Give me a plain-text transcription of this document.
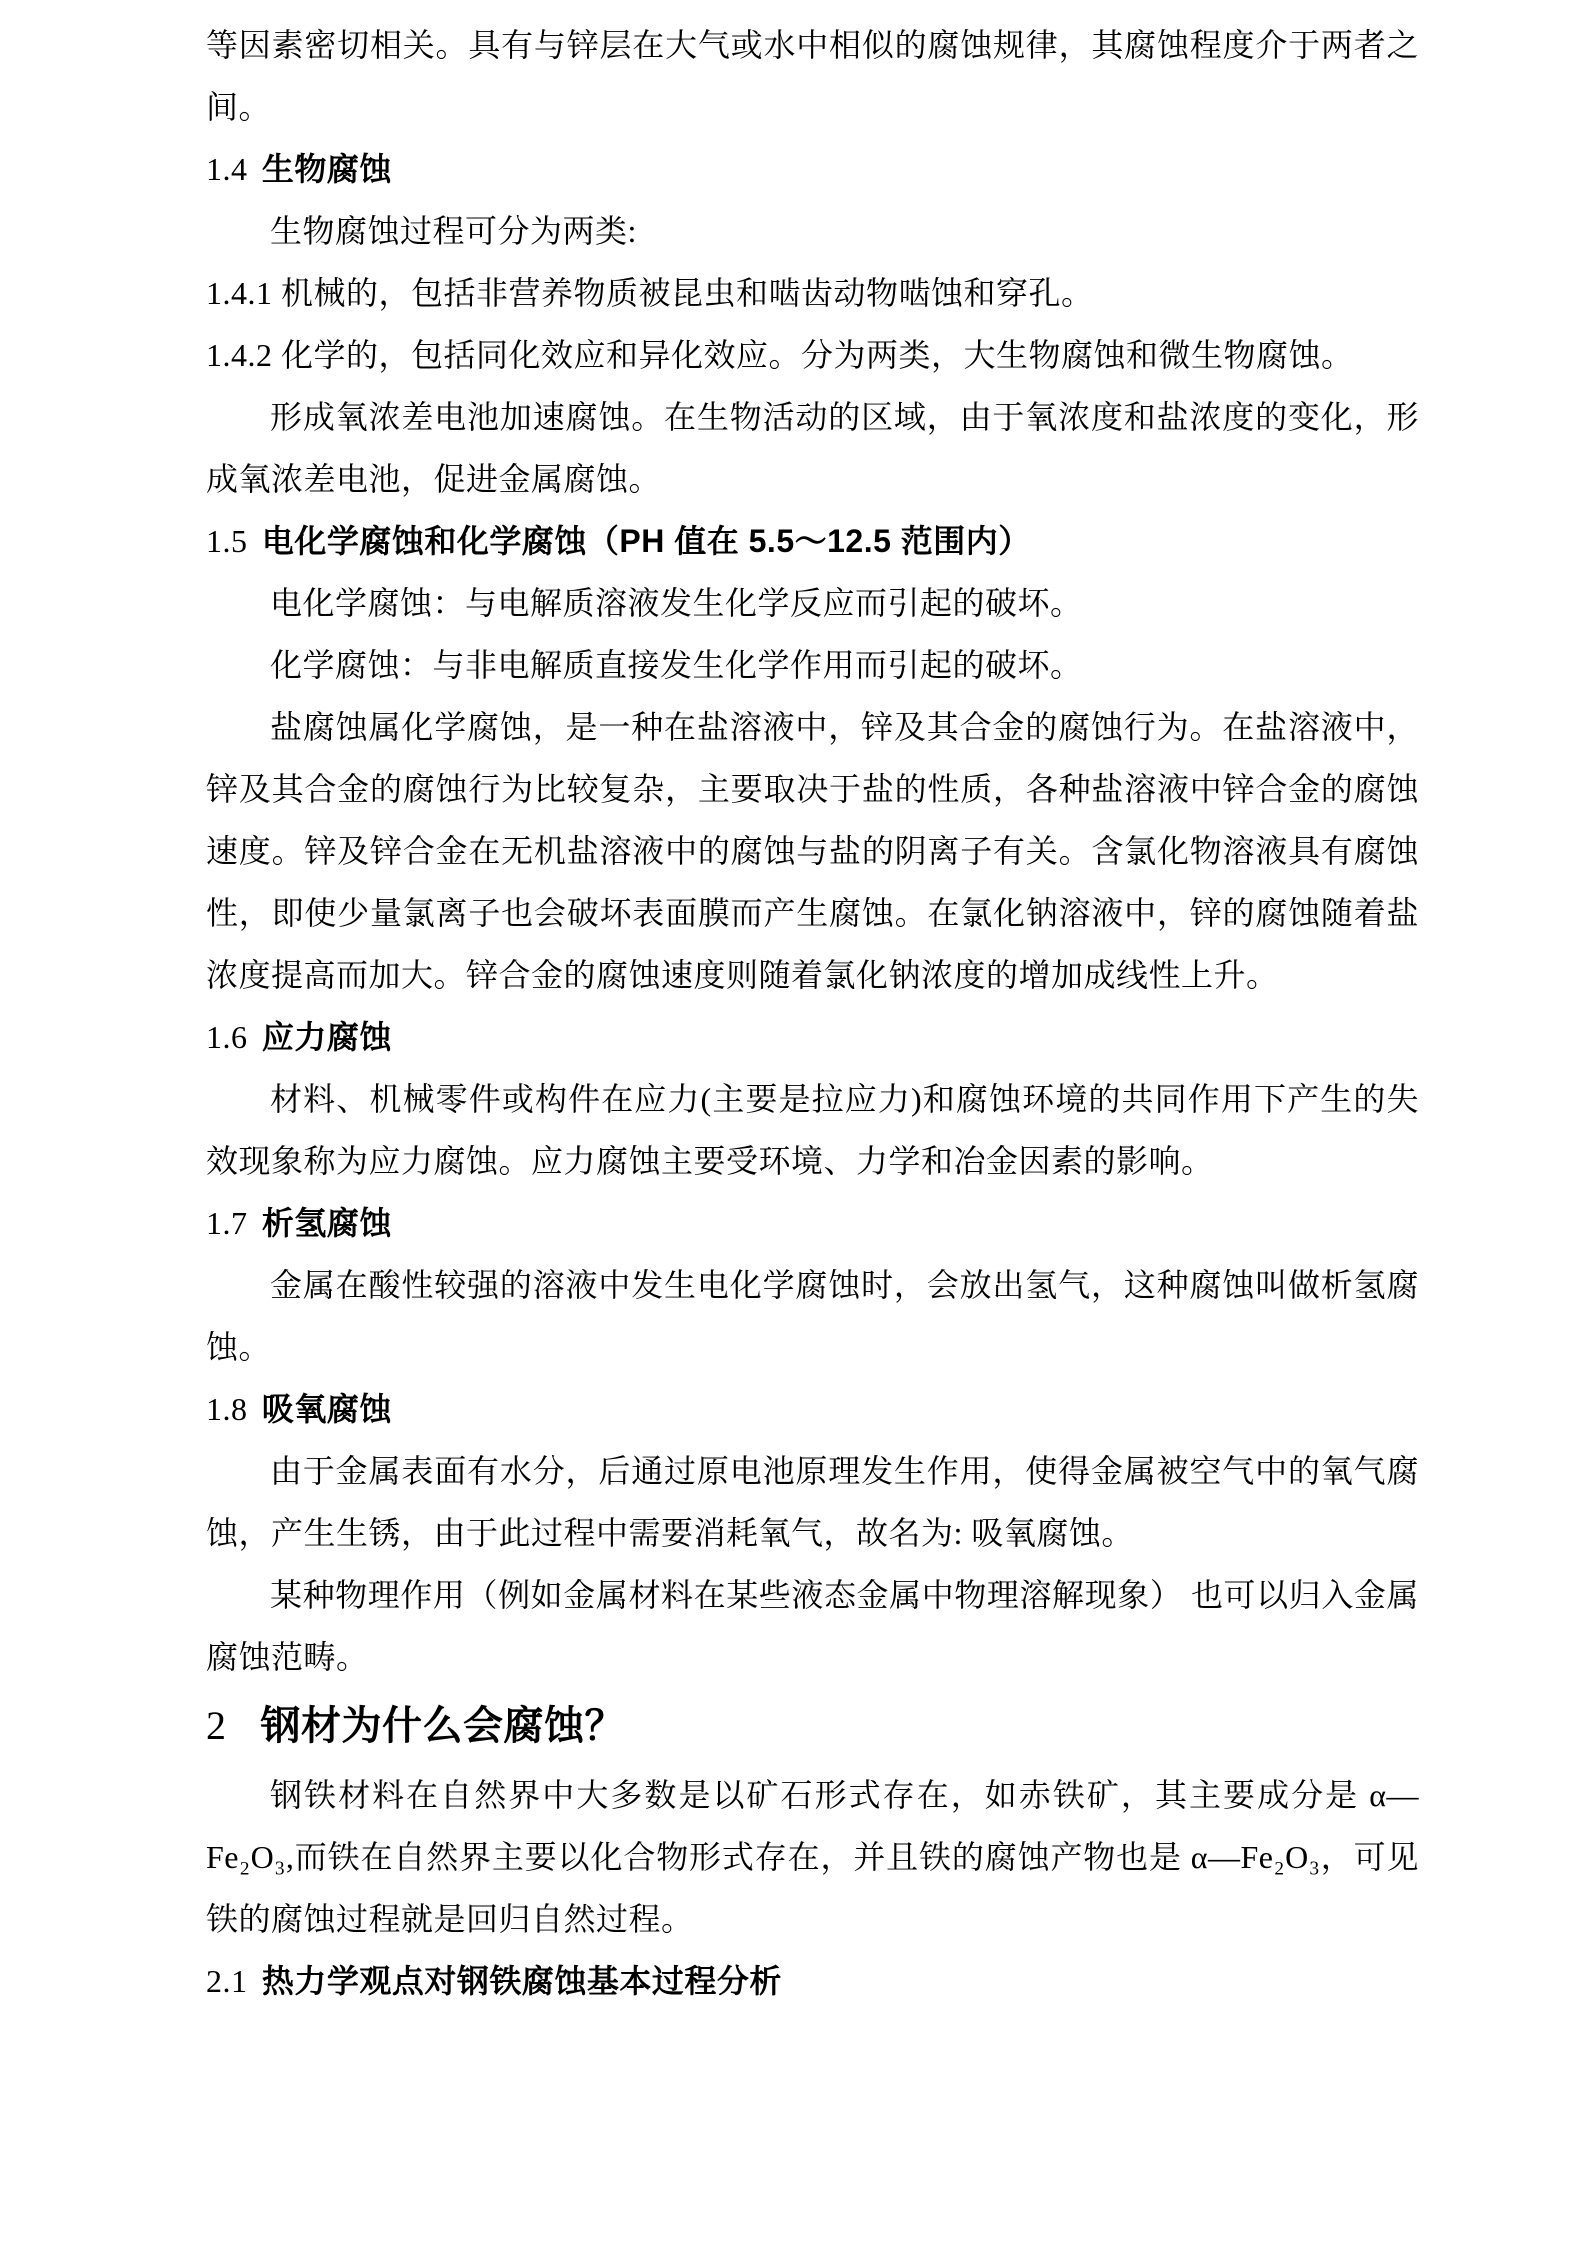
等因素密切相关。具有与锌层在大气或水中相似的腐蚀规律，其腐蚀程度介于两者之间。

1.4 生物腐蚀

生物腐蚀过程可分为两类:

1.4.1 机械的，包括非营养物质被昆虫和啮齿动物啮蚀和穿孔。

1.4.2 化学的，包括同化效应和异化效应。分为两类，大生物腐蚀和微生物腐蚀。

形成氧浓差电池加速腐蚀。在生物活动的区域，由于氧浓度和盐浓度的变化，形成氧浓差电池，促进金属腐蚀。

1.5 电化学腐蚀和化学腐蚀（PH 值在 5.5～12.5 范围内）

电化学腐蚀：与电解质溶液发生化学反应而引起的破坏。

化学腐蚀：与非电解质直接发生化学作用而引起的破坏。

盐腐蚀属化学腐蚀，是一种在盐溶液中，锌及其合金的腐蚀行为。在盐溶液中，锌及其合金的腐蚀行为比较复杂，主要取决于盐的性质，各种盐溶液中锌合金的腐蚀速度。锌及锌合金在无机盐溶液中的腐蚀与盐的阴离子有关。含氯化物溶液具有腐蚀性，即使少量氯离子也会破坏表面膜而产生腐蚀。在氯化钠溶液中，锌的腐蚀随着盐浓度提高而加大。锌合金的腐蚀速度则随着氯化钠浓度的增加成线性上升。

1.6 应力腐蚀

材料、机械零件或构件在应力(主要是拉应力)和腐蚀环境的共同作用下产生的失效现象称为应力腐蚀。应力腐蚀主要受环境、力学和冶金因素的影响。

1.7 析氢腐蚀

金属在酸性较强的溶液中发生电化学腐蚀时，会放出氢气，这种腐蚀叫做析氢腐蚀。

1.8 吸氧腐蚀

由于金属表面有水分，后通过原电池原理发生作用，使得金属被空气中的氧气腐蚀，产生生锈，由于此过程中需要消耗氧气，故名为: 吸氧腐蚀。

某种物理作用（例如金属材料在某些液态金属中物理溶解现象） 也可以归入金属腐蚀范畴。

2 钢材为什么会腐蚀？

钢铁材料在自然界中大多数是以矿石形式存在，如赤铁矿，其主要成分是 α—Fe₂O₃,而铁在自然界主要以化合物形式存在，并且铁的腐蚀产物也是 α—Fe₂O₃，可见铁的腐蚀过程就是回归自然过程。

2.1 热力学观点对钢铁腐蚀基本过程分析
